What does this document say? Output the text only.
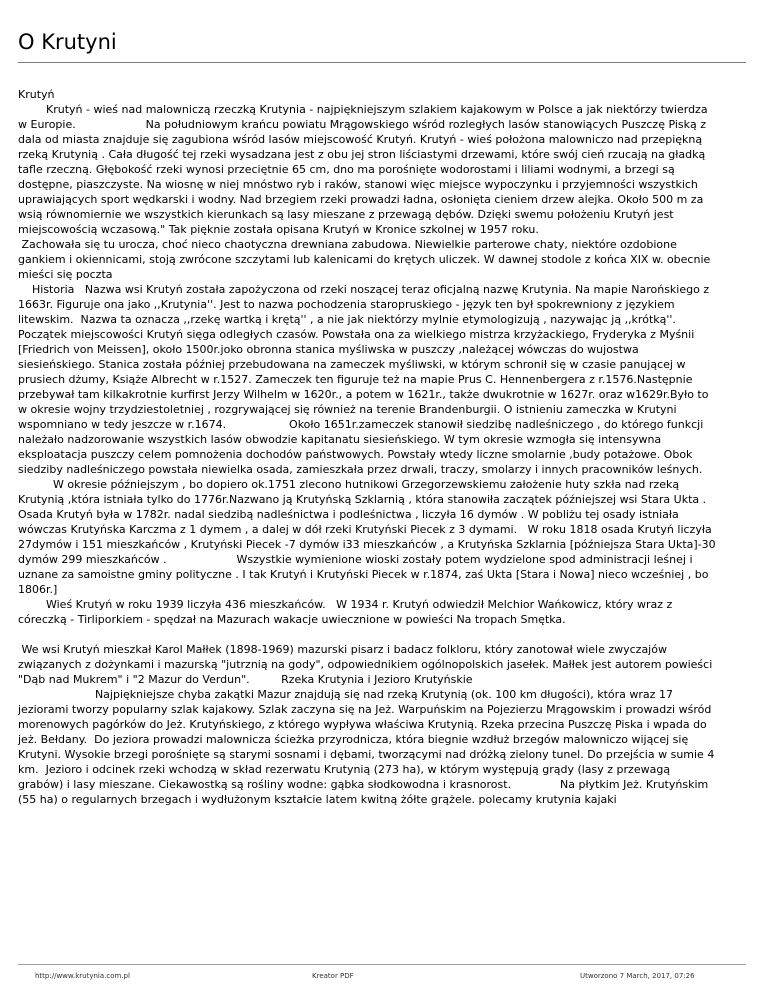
O Krutyni

Krutyń

Krutyń - wieś nad malowniczą rzeczką Krutynia - najpiękniejszym szlakiem kajakowym w Polsce a jak niektórzy twierdza w Europie.                    Na południowym krańcu powiatu Mrągowskiego wśród rozległych lasów stanowiących Puszczę Piską z dala od miasta znajduje się zagubiona wśród lasów miejscowość Krutyń. Krutyń - wieś położona malowniczo nad przepiękną rzeką Krutynią . Cała długość tej rzeki wysadzana jest z obu jej stron liściastymi drzewami, które swój cień rzucają na gładką tafle rzeczną. Głębokość rzeki wynosi przeciętnie 65 cm, dno ma porośnięte wodorostami i liliami wodnymi, a brzegi są dostępne, piaszczyste. Na wiosnę w niej mnóstwo ryb i raków, stanowi więc miejsce wypoczynku i przyjemności wszystkich uprawiających sport wędkarski i wodny. Nad brzegiem rzeki prowadzi ładna, osłonięta cieniem drzew alejka. Około 500 m za wsią równomiernie we wszystkich kierunkach są lasy mieszane z przewagą dębów. Dzięki swemu położeniu Krutyń jest miejscowością wczasową." Tak pięknie została opisana Krutyń w Kronice szkolnej w 1957 roku.

Zachowała się tu urocza, choć nieco chaotyczna drewniana zabudowa. Niewielkie parterowe chaty, niektóre ozdobione gankiem i okiennicami, stoją zwrócone szczytami lub kalenicami do krętych uliczek. W dawnej stodole z końca XIX w. obecnie mieści się poczta

Historia   Nazwa wsi Krutyń została zapożyczona od rzeki noszącej teraz oficjalną nazwę Krutynia. Na mapie Narońskiego z 1663r. Figuruje ona jako ,,Krutynia''. Jest to nazwa pochodzenia staropruskiego - język ten był spokrewniony z językiem litewskim.  Nazwa ta oznacza ,,rzekę wartką i krętą'' , a nie jak niektórzy mylnie etymologizują , nazywając ją ,,krótką''.              Początek miejscowości Krutyń sięga odległych czasów. Powstała ona za wielkiego mistrza krzyżackiego, Fryderyka z Myśnii [Friedrich von Meissen], około 1500r.joko obronna stanica myśliwska w puszczy ,należącej wówczas do wujostwa siesieńskiego. Stanica została później przebudowana na zameczek myśliwski, w którym schronił się w czasie panującej w prusiech dżumy, Książe Albrecht w r.1527. Zameczek ten figuruje też na mapie Prus C. Hennenbergera z r.1576.Następnie przebywał tam kilkakrotnie kurfirst Jerzy Wilhelm w 1620r., a potem w 1621r., także dwukrotnie w 1627r. oraz w1629r.Było to w okresie wojny trzydziestoletniej , rozgrywającej się również na terenie Brandenburgii. O istnieniu zameczka w Krutyni wspomniano w tedy jeszcze w r.1674.                  Około 1651r.zameczek stanowił siedzibę nadleśniczego , do którego funkcji należało nadzorowanie wszystkich lasów obwodzie kapitanatu siesieńskiego. W tym okresie wzmogła się intensywna eksploatacja puszczy celem pomnożenia dochodów państwowych. Powstały wtedy liczne smolarnie ,budy potażowe. Obok siedziby nadleśniczego powstała niewielka osada, zamieszkała przez drwali, traczy, smolarzy i innych pracowników leśnych.

W okresie późniejszym , bo dopiero ok.1751 zlecono hutnikowi Grzegorzewskiemu założenie huty szkła nad rzeką Krutynią ,która istniała tylko do 1776r.Nazwano ją Krutyńską Szklarnią , która stanowiła zaczątek późniejszej wsi Stara Ukta .                Osada Krutyń była w 1782r. nadal siedzibą nadleśnictwa i podleśnictwa , liczyła 16 dymów . W pobliżu tej osady istniała wówczas Krutyńska Karczma z 1 dymem , a dalej w dół rzeki Krutyński Piecek z 3 dymami.   W roku 1818 osada Krutyń liczyła 27dymów i 151 mieszkańców , Krutyński Piecek -7 dymów i33 mieszkańców , a Krutyńska Szklarnia [późniejsza Stara Ukta]-30 dymów 299 mieszkańców .                    Wszystkie wymienione wioski zostały potem wydzielone spod administracji leśnej i uznane za samoistne gminy polityczne . I tak Krutyń i Krutyński Piecek w r.1874, zaś Ukta [Stara i Nowa] nieco wcześniej , bo 1806r.]

Wieś Krutyń w roku 1939 liczyła 436 mieszkańców.   W 1934 r. Krutyń odwiedził Melchior Wańkowicz, który wraz z córeczką - Tirliporkiem - spędzał na Mazurach wakacje uwiecznione w powieści Na tropach Smętka.

We wsi Krutyń mieszkał Karol Małłek (1898-1969) mazurski pisarz i badacz folkloru, który zanotował wiele zwyczajów związanych z dożynkami i mazurską "jutrznią na gody", odpowiednikiem ogólnopolskich jasełek. Małłek jest autorem powieści "Dąb nad Mukrem" i "2 Mazur do Verdun".         Rzeka Krutynia i Jezioro Krutyńskie

Najpiękniejsze chyba zakątki Mazur znajdują się nad rzeką Krutynią (ok. 100 km długości), która wraz 17 jeziorami tworzy popularny szlak kajakowy. Szlak zaczyna się na Jeż. Warpuńskim na Pojezierzu Mrągowskim i prowadzi wśród morenowych pagórków do Jeż. Krutyńskiego, z którego wypływa właściwa Krutynią. Rzeka przecina Puszczę Piska i wpada do jeż. Bełdany.  Do jeziora prowadzi malownicza ścieżka przyrodnicza, która biegnie wzdłuż brzegów malowniczo wijącej się Krutyni. Wysokie brzegi porośnięte są starymi sosnami i dębami, tworzącymi nad dróżką zielony tunel. Do przejścia w sumie 4 km.  Jezioro i odcinek rzeki wchodzą w skład rezerwatu Krutynią (273 ha), w którym występują grądy (lasy z przewagą grabów) i lasy mieszane. Ciekawostką są rośliny wodne: gąbka słodkowodna i krasnorost.              Na płytkim Jeż. Krutyńskim (55 ha) o regularnych brzegach i wydłużonym kształcie latem kwitną żółte grążele. polecamy krutynia kajaki

http://www.krutynia.com.pl	Kreator PDF	Utworzono 7 March, 2017, 07:26
